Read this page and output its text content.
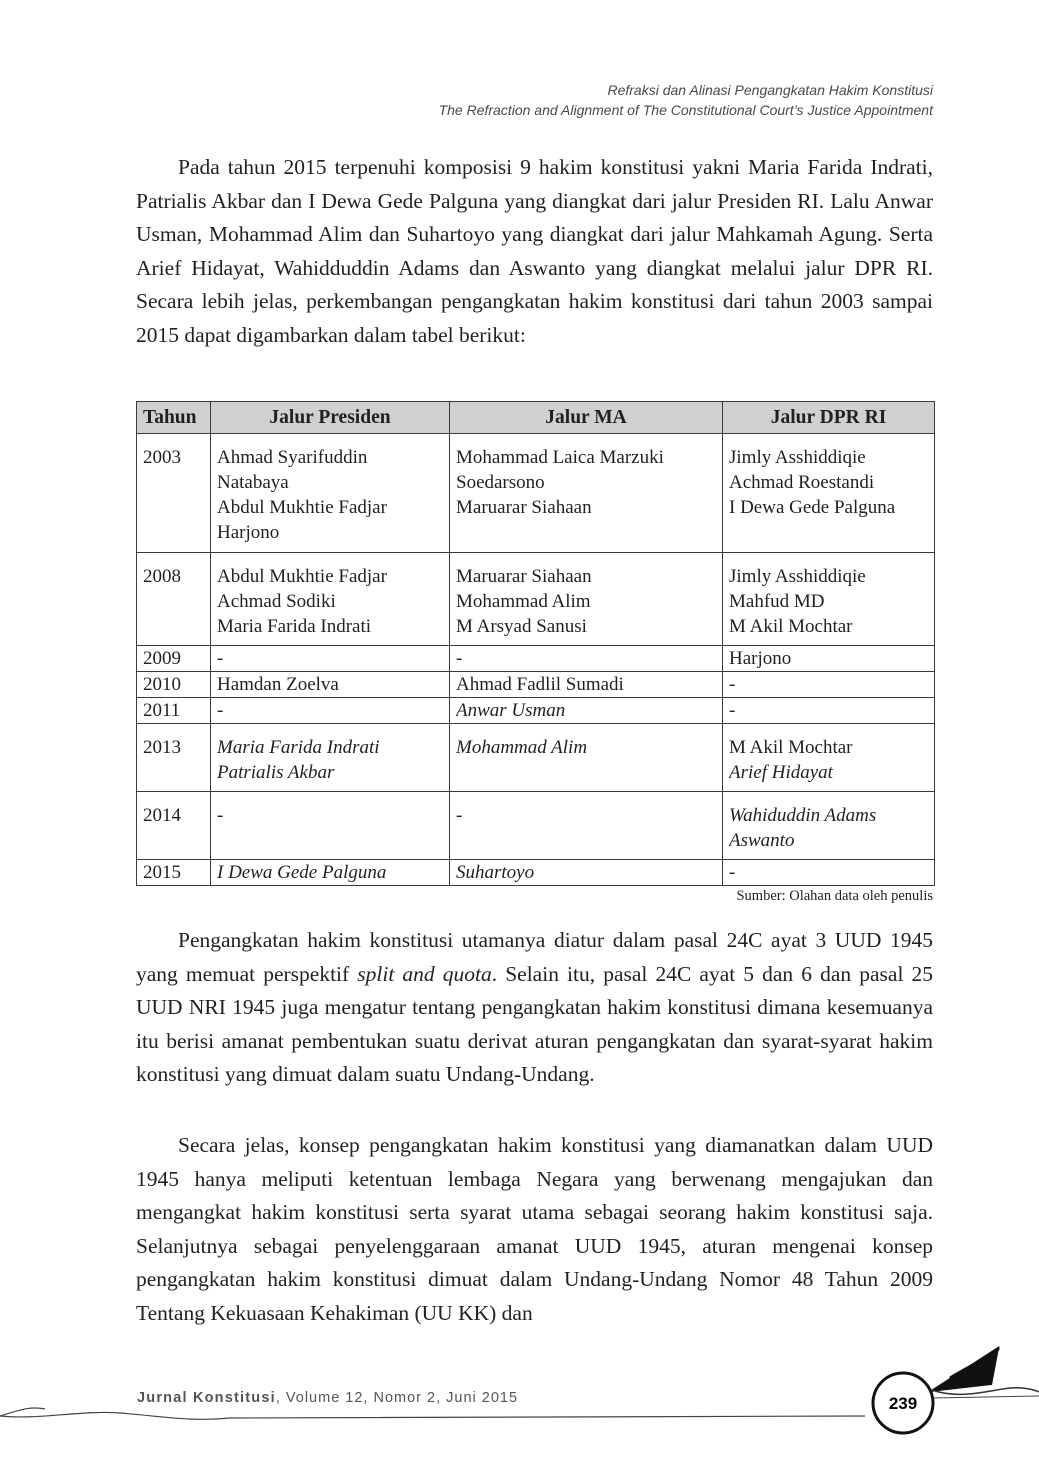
Refraksi dan Alinasi Pengangkatan Hakim Konstitusi
The Refraction and Alignment of The Constitutional Court’s Justice Appointment

Pada tahun 2015 terpenuhi komposisi 9 hakim konstitusi yakni Maria Farida Indrati, Patrialis Akbar dan I Dewa Gede Palguna yang diangkat dari jalur Presiden RI. Lalu Anwar Usman, Mohammad Alim dan Suhartoyo yang diangkat dari jalur Mahkamah Agung. Serta Arief Hidayat, Wahidduddin Adams dan Aswanto yang diangkat melalui jalur DPR RI. Secara lebih jelas, perkembangan pengangkatan hakim konstitusi dari tahun 2003 sampai 2015 dapat digambarkan dalam tabel berikut:

Tahun	Jalur Presiden	Jalur MA	Jalur DPR RI
2003	Ahmad Syarifuddin
Natabaya
Abdul Mukhtie Fadjar
Harjono	Mohammad Laica Marzuki
Soedarsono
Maruarar Siahaan	Jimly Asshiddiqie
Achmad Roestandi
I Dewa Gede Palguna

2008	Abdul Mukhtie Fadjar
Achmad Sodiki
Maria Farida Indrati	Maruarar Siahaan
Mohammad Alim
M Arsyad Sanusi	Jimly Asshiddiqie
Mahfud MD
M Akil Mochtar

2009	-	-	Harjono

2010	Hamdan Zoelva	Ahmad Fadlil Sumadi	-

2011	-	Anwar Usman	-

2013	Maria Farida Indrati
Patrialis Akbar	Mohammad Alim	M Akil Mochtar
Arief Hidayat

2014	-	-	Wahiduddin Adams
Aswanto

2015	I Dewa Gede Palguna	Suhartoyo	-
Sumber: Olahan data oleh penulis

Pengangkatan hakim konstitusi utamanya diatur dalam pasal 24C ayat 3 UUD 1945 yang memuat perspektif split and quota. Selain itu, pasal 24C ayat 5 dan 6 dan pasal 25 UUD NRI 1945 juga mengatur tentang pengangkatan hakim konstitusi dimana kesemuanya itu berisi amanat pembentukan suatu derivat aturan pengangkatan dan syarat-syarat hakim konstitusi yang dimuat dalam suatu Undang-Undang.

Secara jelas, konsep pengangkatan hakim konstitusi yang diamanatkan dalam UUD 1945 hanya meliputi ketentuan lembaga Negara yang berwenang mengajukan dan mengangkat hakim konstitusi serta syarat utama sebagai seorang hakim konstitusi saja. Selanjutnya sebagai penyelenggaraan amanat UUD 1945, aturan mengenai konsep pengangkatan hakim konstitusi dimuat dalam Undang-Undang Nomor 48 Tahun 2009 Tentang Kekuasaan Kehakiman (UU KK) dan

239
Jurnal Konstitusi, Volume 12, Nomor 2, Juni 2015
